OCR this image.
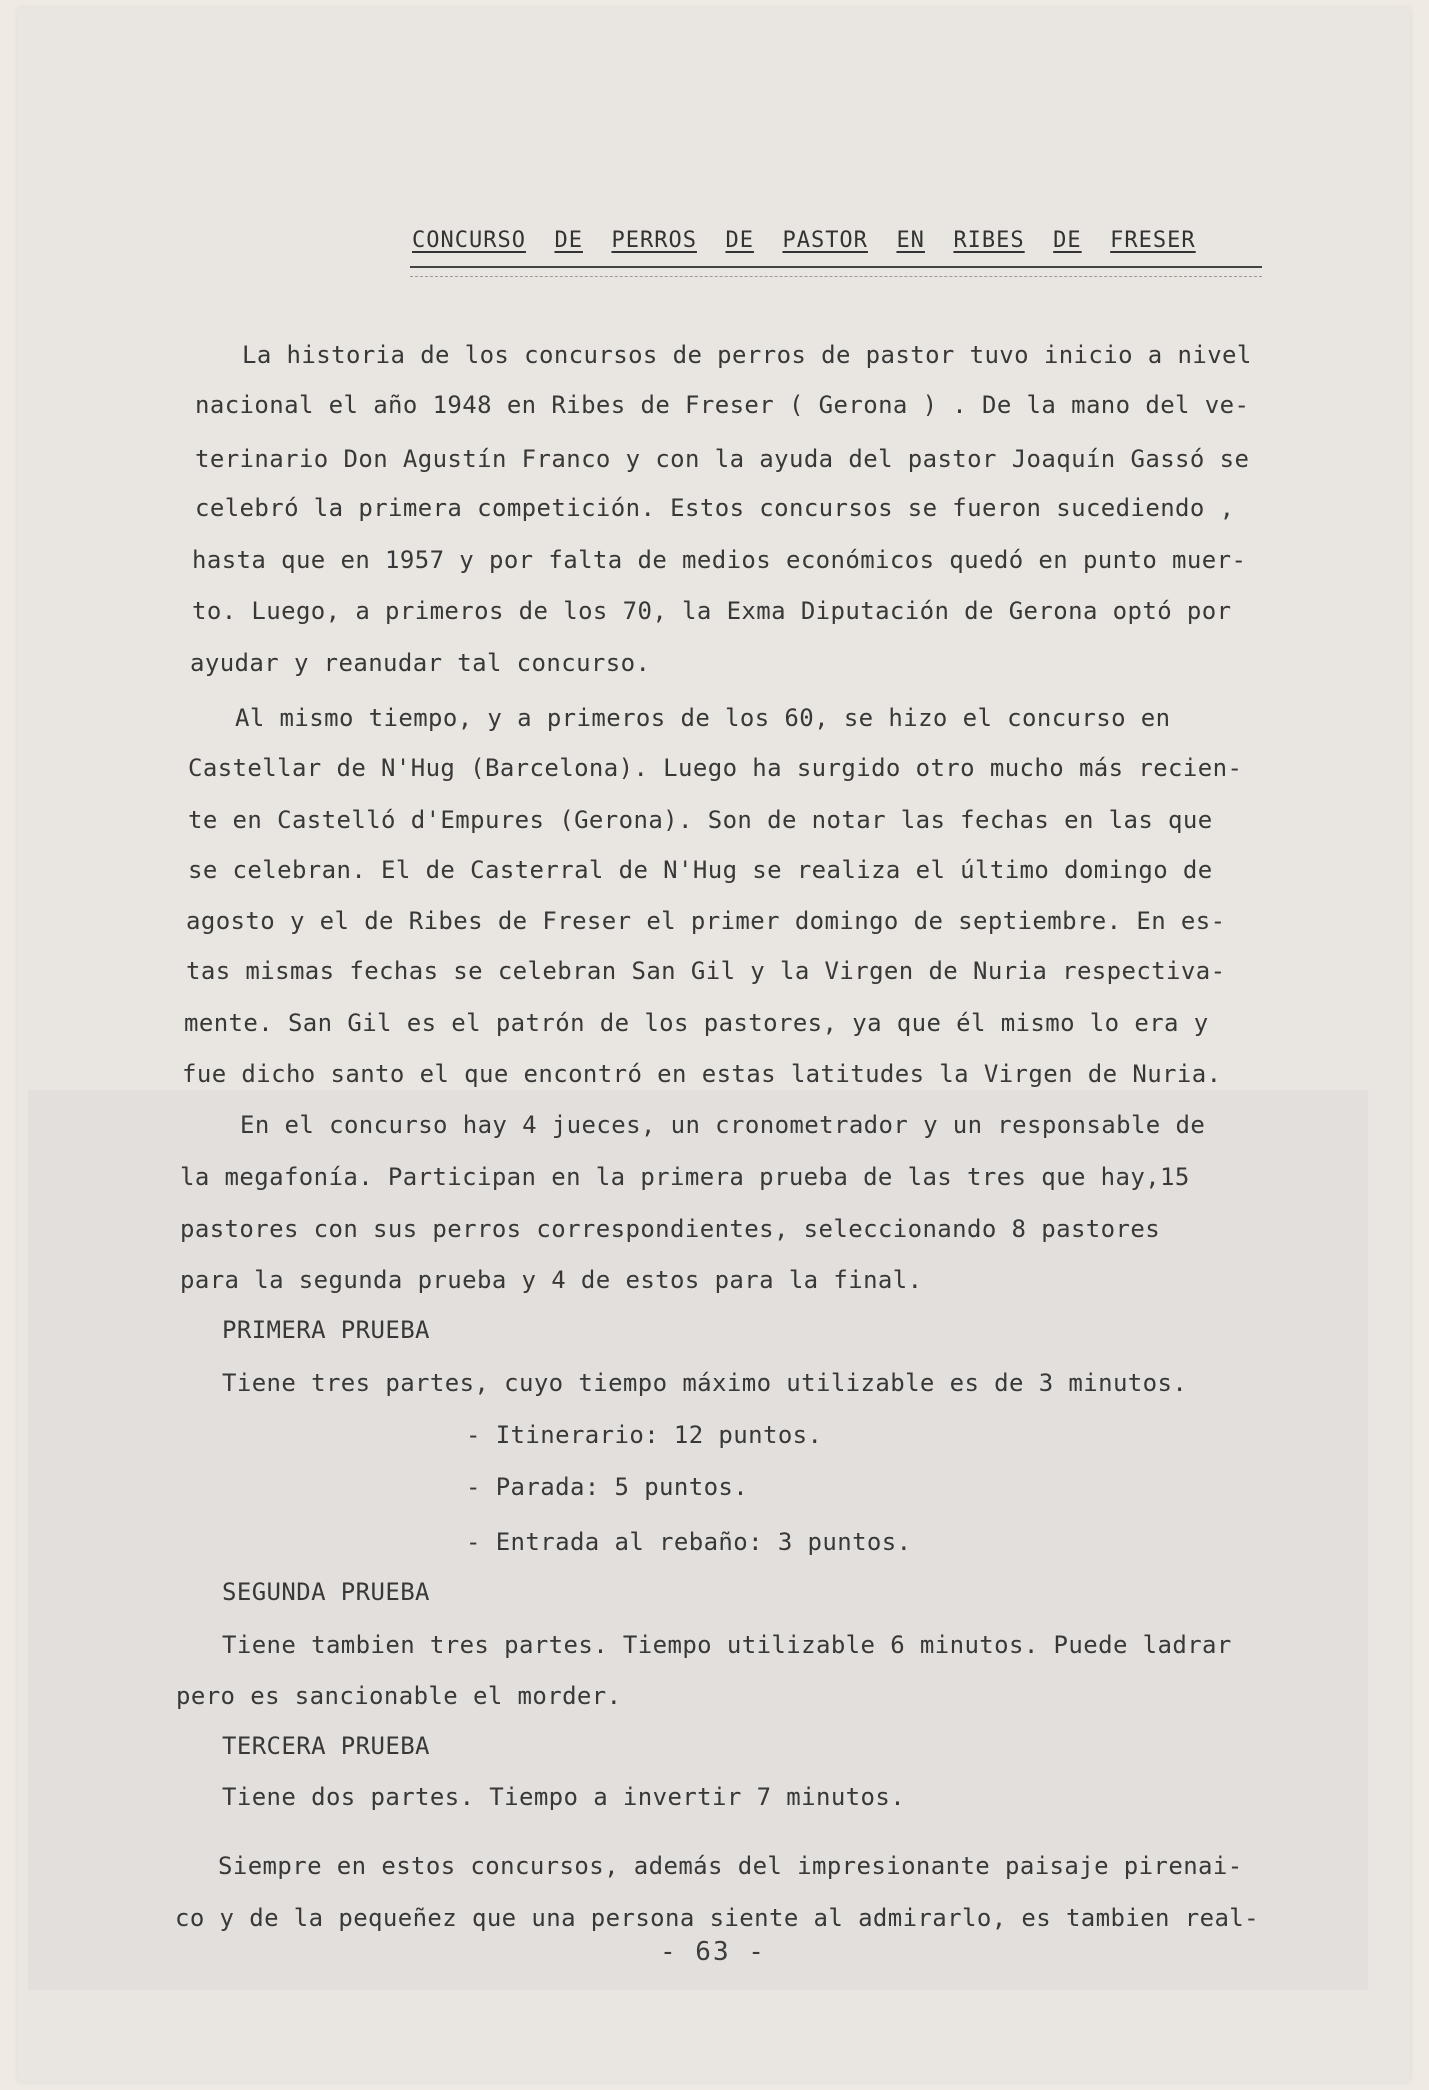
CONCURSO DE PERROS DE PASTOR EN RIBES DE FRESER
La historia de los concursos de perros de pastor tuvo inicio a nivel
nacional el año 1948 en Ribes de Freser ( Gerona ) . De la mano del ve-
terinario Don Agustín Franco y con la ayuda del pastor Joaquín Gassó se
celebró la primera competición. Estos concursos se fueron sucediendo ,
hasta que en 1957 y por falta de medios económicos quedó en punto muer-
to. Luego, a primeros de los 70, la Exma Diputación de Gerona optó por
ayudar y reanudar tal concurso.
Al mismo tiempo, y a primeros de los 60, se hizo el concurso en
Castellar de N'Hug (Barcelona). Luego ha surgido otro mucho más recien-
te en Castelló d'Empures (Gerona). Son de notar las fechas en las que
se celebran. El de Casterral de N'Hug se realiza el último domingo de
agosto y el de Ribes de Freser el primer domingo de septiembre. En es-
tas mismas fechas se celebran San Gil y la Virgen de Nuria respectiva-
mente. San Gil es el patrón de los pastores, ya que él mismo lo era y
fue dicho santo el que encontró en estas latitudes la Virgen de Nuria.
En el concurso hay 4 jueces, un cronometrador y un responsable de
la megafonía. Participan en la primera prueba de las tres que hay,15
pastores con sus perros correspondientes, seleccionando 8 pastores
para la segunda prueba y 4 de estos para la final.
PRIMERA PRUEBA
Tiene tres partes, cuyo tiempo máximo utilizable es de 3 minutos.
- Itinerario: 12 puntos.
- Parada: 5 puntos.
- Entrada al rebaño: 3 puntos.
SEGUNDA PRUEBA
Tiene tambien tres partes. Tiempo utilizable 6 minutos. Puede ladrar
pero es sancionable el morder.
TERCERA PRUEBA
Tiene dos partes. Tiempo a invertir 7 minutos.
Siempre en estos concursos, además del impresionante paisaje pirenai-
co y de la pequeñez que una persona siente al admirarlo, es tambien real-
- 63 -
